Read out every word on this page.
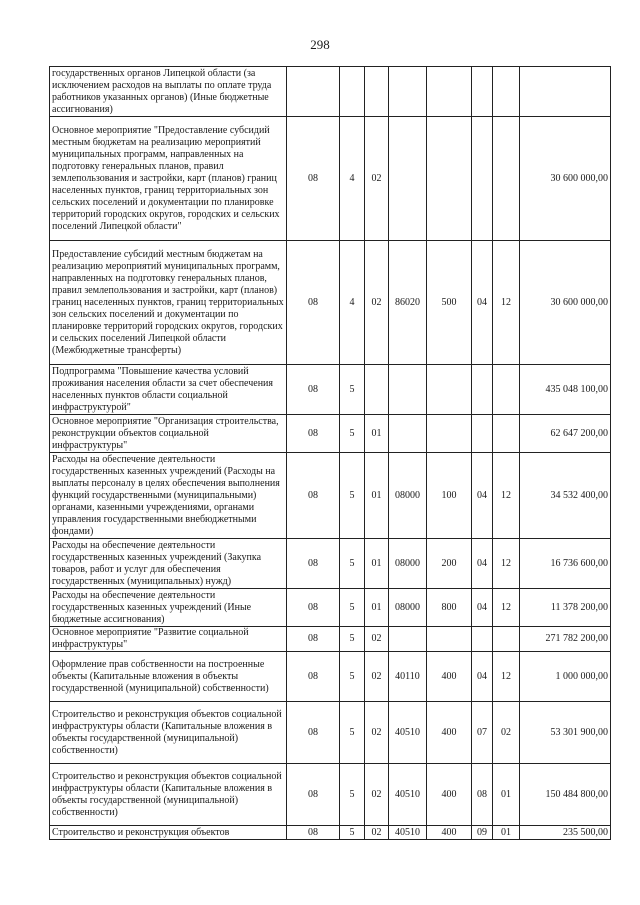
298
государственных органов Липецкой области (за исключением расходов на выплаты по оплате труда работников указанных органов) (Иные бюджетные ассигнования)								
Основное мероприятие "Предоставление субсидий местным бюджетам на реализацию мероприятий муниципальных программ, направленных на подготовку генеральных планов, правил землепользования и застройки, карт (планов) границ населенных пунктов, границ территориальных зон сельских поселений и документации по планировке территорий городских округов, городских и сельских поселений Липецкой области"	08	4	02					30 600 000,00
Предоставление субсидий местным бюджетам на реализацию мероприятий муниципальных программ, направленных на подготовку генеральных планов, правил землепользования и застройки, карт (планов) границ населенных пунктов, границ территориальных зон сельских поселений и документации по планировке территорий городских округов, городских и сельских поселений Липецкой области (Межбюджетные трансферты)	08	4	02	86020	500	04	12	30 600 000,00
Подпрограмма "Повышение качества условий проживания населения области за счет обеспечения населенных пунктов области социальной инфраструктурой"	08	5						435 048 100,00
Основное мероприятие "Организация строительства, реконструкции объектов социальной инфраструктуры"	08	5	01					62 647 200,00
Расходы на обеспечение деятельности государственных казенных учреждений (Расходы на выплаты персоналу в целях обеспечения выполнения функций государственными (муниципальными) органами, казенными учреждениями, органами управления государственными внебюджетными фондами)	08	5	01	08000	100	04	12	34 532 400,00
Расходы на обеспечение деятельности государственных казенных учреждений (Закупка товаров, работ и услуг для обеспечения государственных (муниципальных) нужд)	08	5	01	08000	200	04	12	16 736 600,00
Расходы на обеспечение деятельности государственных казенных учреждений (Иные бюджетные ассигнования)	08	5	01	08000	800	04	12	11 378 200,00
Основное мероприятие "Развитие социальной инфраструктуры"	08	5	02					271 782 200,00
Оформление прав собственности на построенные объекты (Капитальные вложения в объекты государственной (муниципальной) собственности)	08	5	02	40110	400	04	12	1 000 000,00
Строительство и реконструкция объектов социальной инфраструктуры области (Капитальные вложения в объекты государственной (муниципальной) собственности)	08	5	02	40510	400	07	02	53 301 900,00
Строительство и реконструкция объектов социальной инфраструктуры области (Капитальные вложения в объекты государственной (муниципальной) собственности)	08	5	02	40510	400	08	01	150 484 800,00
Строительство и реконструкция объектов	08	5	02	40510	400	09	01	235 500,00
